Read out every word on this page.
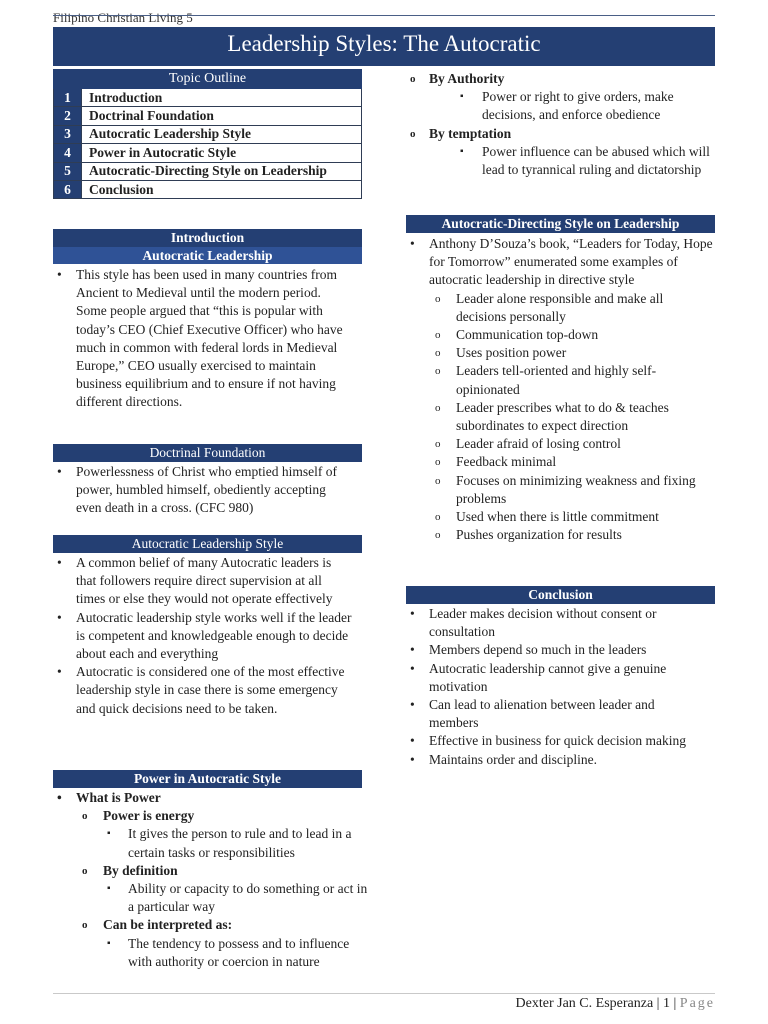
Filipino Christian Living 5
Leadership Styles: The Autocratic
Topic Outline	
1	Introduction
2	Doctrinal Foundation
3	Autocratic Leadership Style
4	Power in Autocratic Style
5	Autocratic-Directing Style on Leadership
6	Conclusion
Introduction
Autocratic Leadership
• This style has been used in many countries from Ancient to Medieval until the modern period. Some people argued that “this is popular with today’s CEO (Chief Executive Officer) who have much in common with federal lords in Medieval Europe,” CEO usually exercised to maintain business equilibrium and to ensure if not having different directions.
Doctrinal Foundation
• Powerlessness of Christ who emptied himself of power, humbled himself, obediently accepting even death in a cross. (CFC 980)
Autocratic Leadership Style
• A common belief of many Autocratic leaders is that followers require direct supervision at all times or else they would not operate effectively
• Autocratic leadership style works well if the leader is competent and knowledgeable enough to decide about each and everything
• Autocratic is considered one of the most effective leadership style in case there is some emergency and quick decisions need to be taken.
Power in Autocratic Style
• What is Power
o Power is energy
▪ It gives the person to rule and to lead in a certain tasks or responsibilities
o By definition
▪ Ability or capacity to do something or act in a particular way
o Can be interpreted as:
▪ The tendency to possess and to influence with authority or coercion in nature
o By Authority
▪ Power or right to give orders, make decisions, and enforce obedience
o By temptation
▪ Power influence can be abused which will lead to tyrannical ruling and dictatorship
Autocratic-Directing Style on Leadership
• Anthony D’Souza’s book, “Leaders for Today, Hope for Tomorrow” enumerated some examples of autocratic leadership in directive style
o Leader alone responsible and make all decisions personally
o Communication top-down
o Uses position power
o Leaders tell-oriented and highly self-opinionated
o Leader prescribes what to do & teaches subordinates to expect direction
o Leader afraid of losing control
o Feedback minimal
o Focuses on minimizing weakness and fixing problems
o Used when there is little commitment
o Pushes organization for results
Conclusion
• Leader makes decision without consent or consultation
• Members depend so much in the leaders
• Autocratic leadership cannot give a genuine motivation
• Can lead to alienation between leader and members
• Effective in business for quick decision making
• Maintains order and discipline.
Dexter Jan C. Esperanza | 1 | Page
